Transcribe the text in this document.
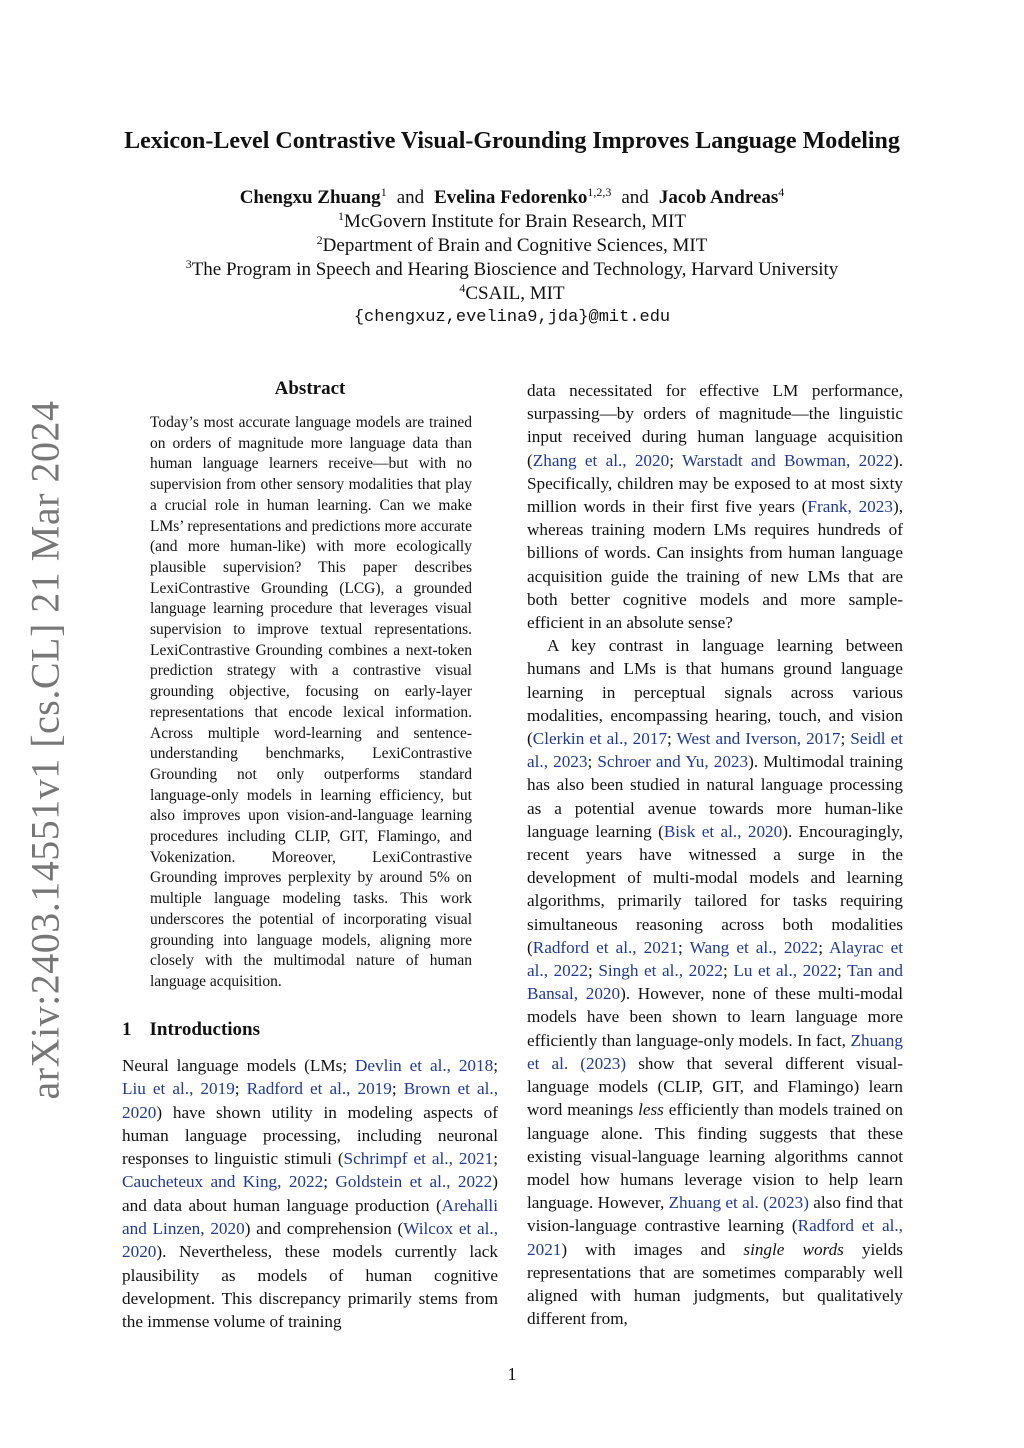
arXiv:2403.14551v1 [cs.CL] 21 Mar 2024
Lexicon-Level Contrastive Visual-Grounding Improves Language Modeling
Chengxu Zhuang$^1$ and Evelina Fedorenko$^{1,2,3}$ and Jacob Andreas$^4$
$^1$McGovern Institute for Brain Research, MIT
$^2$Department of Brain and Cognitive Sciences, MIT
$^3$The Program in Speech and Hearing Bioscience and Technology, Harvard University
$^4$CSAIL, MIT
{chengxuz,evelina9,jda}@mit.edu
Abstract
Today’s most accurate language models are trained on orders of magnitude more language data than human language learners receive—but with no supervision from other sensory modalities that play a crucial role in human learning. Can we make LMs’ representations and predictions more accurate (and more human-like) with more ecologically plausible supervision? This paper describes LexiContrastive Grounding (LCG), a grounded language learning procedure that leverages visual supervision to improve textual representations. LexiContrastive Grounding combines a next-token prediction strategy with a contrastive visual grounding objective, focusing on early-layer representations that encode lexical information. Across multiple word-learning and sentence-understanding benchmarks, LexiContrastive Grounding not only outperforms standard language-only models in learning efficiency, but also improves upon vision-and-language learning procedures including CLIP, GIT, Flamingo, and Vokenization. Moreover, LexiContrastive Grounding improves perplexity by around 5% on multiple language modeling tasks. This work underscores the potential of incorporating visual grounding into language models, aligning more closely with the multimodal nature of human language acquisition.
1 Introductions
Neural language models (LMs; Devlin et al., 2018; Liu et al., 2019; Radford et al., 2019; Brown et al., 2020) have shown utility in modeling aspects of human language processing, including neuronal responses to linguistic stimuli (Schrimpf et al., 2021; Caucheteux and King, 2022; Goldstein et al., 2022) and data about human language production (Arehalli and Linzen, 2020) and comprehension (Wilcox et al., 2020). Nevertheless, these models currently lack plausibility as models of human cognitive development. This discrepancy primarily stems from the immense volume of training

data necessitated for effective LM performance, surpassing—by orders of magnitude—the linguistic input received during human language acquisition (Zhang et al., 2020; Warstadt and Bowman, 2022). Specifically, children may be exposed to at most sixty million words in their first five years (Frank, 2023), whereas training modern LMs requires hundreds of billions of words. Can insights from human language acquisition guide the training of new LMs that are both better cognitive models and more sample-efficient in an absolute sense?

A key contrast in language learning between humans and LMs is that humans ground language learning in perceptual signals across various modalities, encompassing hearing, touch, and vision (Clerkin et al., 2017; West and Iverson, 2017; Seidl et al., 2023; Schroer and Yu, 2023). Multimodal training has also been studied in natural language processing as a potential avenue towards more human-like language learning (Bisk et al., 2020). Encouragingly, recent years have witnessed a surge in the development of multi-modal models and learning algorithms, primarily tailored for tasks requiring simultaneous reasoning across both modalities (Radford et al., 2021; Wang et al., 2022; Alayrac et al., 2022; Singh et al., 2022; Lu et al., 2022; Tan and Bansal, 2020). However, none of these multi-modal models have been shown to learn language more efficiently than language-only models. In fact, Zhuang et al. (2023) show that several different visual-language models (CLIP, GIT, and Flamingo) learn word meanings less efficiently than models trained on language alone. This finding suggests that these existing visual-language learning algorithms cannot model how humans leverage vision to help learn language. However, Zhuang et al. (2023) also find that vision-language contrastive learning (Radford et al., 2021) with images and single words yields representations that are sometimes comparably well aligned with human judgments, but qualitatively different from,

1
